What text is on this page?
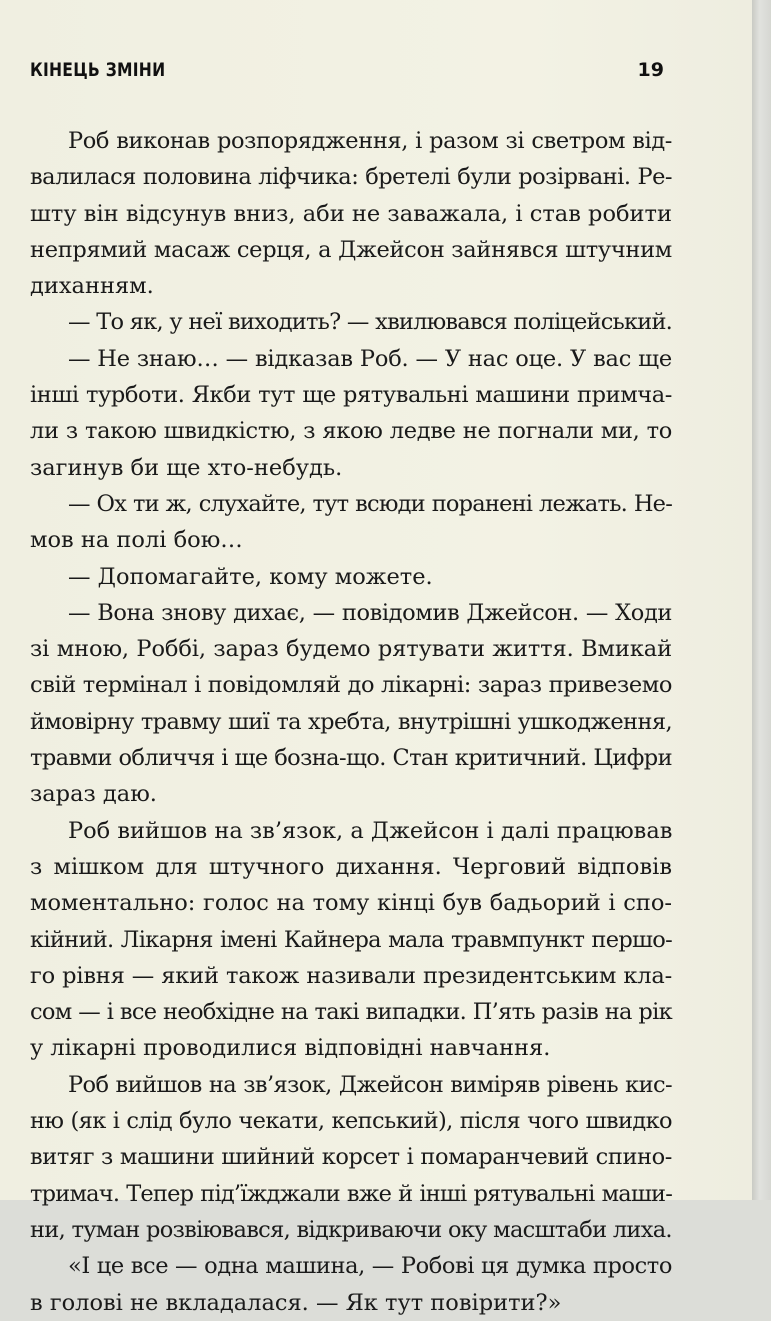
КІНЕЦЬ ЗМІНИ	19
Роб виконав розпорядження, і разом зі светром від-
валилася половина ліфчика: бретелі були розірвані. Ре-
шту він відсунув вниз, аби не заважала, і став робити
непрямий масаж серця, а Джейсон зайнявся штучним
диханням.
— То як, у неї виходить? — хвилювався поліцейський.
— Не знаю… — відказав Роб. — У нас оце. У вас ще
інші турботи. Якби тут ще рятувальні машини примча-
ли з такою швидкістю, з якою ледве не погнали ми, то
загинув би ще хто-небудь.
— Ох ти ж, слухайте, тут всюди поранені лежать. Не-
мов на полі бою…
— Допомагайте, кому можете.
— Вона знову дихає, — повідомив Джейсон. — Ходи
зі мною, Роббі, зараз будемо рятувати життя. Вмикай
свій термінал і повідомляй до лікарні: зараз привеземо
ймовірну травму шиї та хребта, внутрішні ушкодження,
травми обличчя і ще бозна-що. Стан критичний. Цифри
зараз даю.
Роб вийшов на зв’язок, а Джейсон і далі працював
з мішком для штучного дихання. Черговий відповів
моментально: голос на тому кінці був бадьорий і спо-
кійний. Лікарня імені Кайнера мала травмпункт першо-
го рівня — який також називали президентським кла-
сом — і все необхідне на такі випадки. П’ять разів на рік
у лікарні проводилися відповідні навчання.
Роб вийшов на зв’язок, Джейсон виміряв рівень кис-
ню (як і слід було чекати, кепський), після чого швидко
витяг з машини шийний корсет і помаранчевий спино-
тримач. Тепер під’їжджали вже й інші рятувальні маши-
ни, туман розвіювався, відкриваючи оку масштаби лиха.
«І це все — одна машина, — Робові ця думка просто
в голові не вкладалася. — Як тут повірити?»
